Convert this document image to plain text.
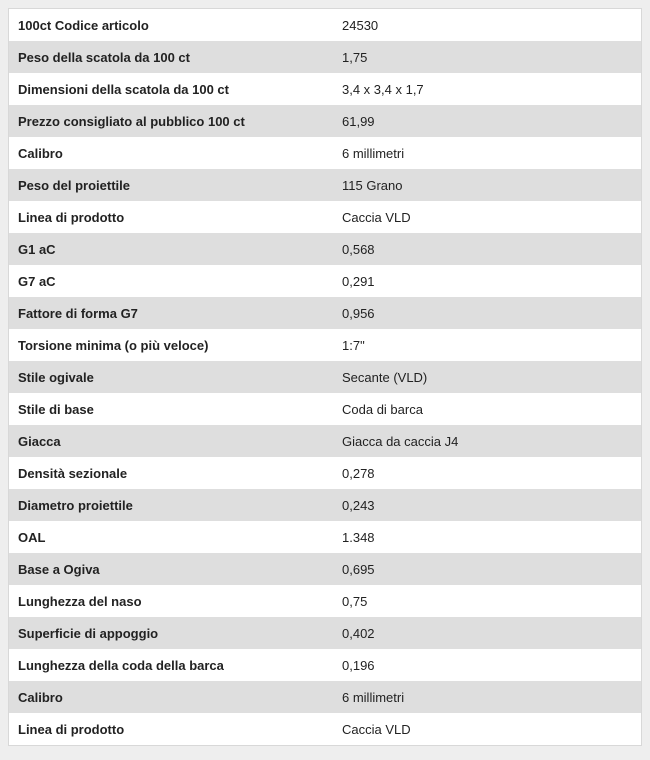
100ct Codice articolo	24530
Peso della scatola da 100 ct	1,75
Dimensioni della scatola da 100 ct	3,4 x 3,4 x 1,7
Prezzo consigliato al pubblico 100 ct	61,99
Calibro	6 millimetri
Peso del proiettile	115 Grano
Linea di prodotto	Caccia VLD
G1 aC	0,568
G7 aC	0,291
Fattore di forma G7	0,956
Torsione minima (o più veloce)	1:7"
Stile ogivale	Secante (VLD)
Stile di base	Coda di barca
Giacca	Giacca da caccia J4
Densità sezionale	0,278
Diametro proiettile	0,243
OAL	1.348
Base a Ogiva	0,695
Lunghezza del naso	0,75
Superficie di appoggio	0,402
Lunghezza della coda della barca	0,196
Calibro	6 millimetri
Linea di prodotto	Caccia VLD
